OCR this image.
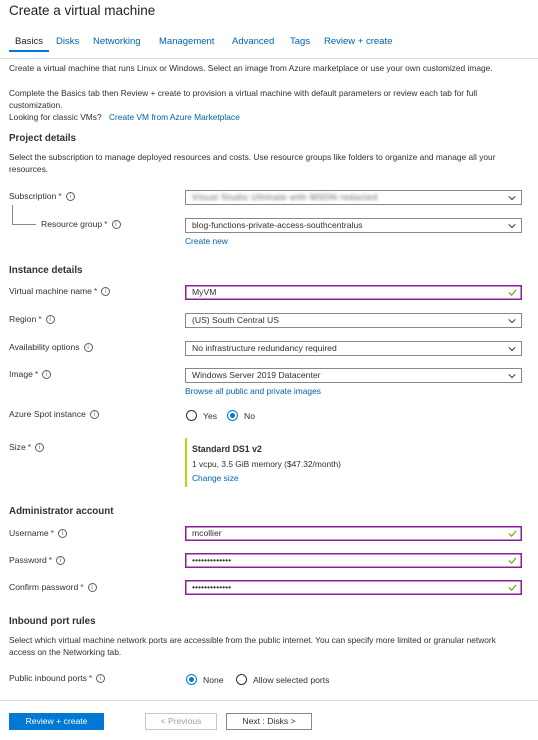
Create a virtual machine
Basics Disks Networking Management Advanced Tags Review + create
Create a virtual machine that runs Linux or Windows. Select an image from Azure marketplace or use your own customized image.
Complete the Basics tab then Review + create to provision a virtual machine with default parameters or review each tab for full customization.
Looking for classic VMs? Create VM from Azure Marketplace
Project details
Select the subscription to manage deployed resources and costs. Use resource groups like folders to organize and manage all your resources.
Subscription * i	Visual Studio Ultimate with MSDN redacted
Resource group * i	blog-functions-private-access-southcentralus
Create new
Instance details
Virtual machine name * i	MyVM
Region * i	(US) South Central US
Availability options i	No infrastructure redundancy required
Image * i	Windows Server 2019 Datacenter
Browse all public and private images
Azure Spot instance i	Yes	No
Size * i	Standard DS1 v2
1 vcpu, 3.5 GiB memory ($47.32/month)
Change size
Administrator account
Username * i	mcollier
Password * i	•••••••••••••
Confirm password * i	•••••••••••••
Inbound port rules
Select which virtual machine network ports are accessible from the public internet. You can specify more limited or granular network access on the Networking tab.
Public inbound ports * i	None	Allow selected ports
Review + create	< Previous	Next : Disks >
